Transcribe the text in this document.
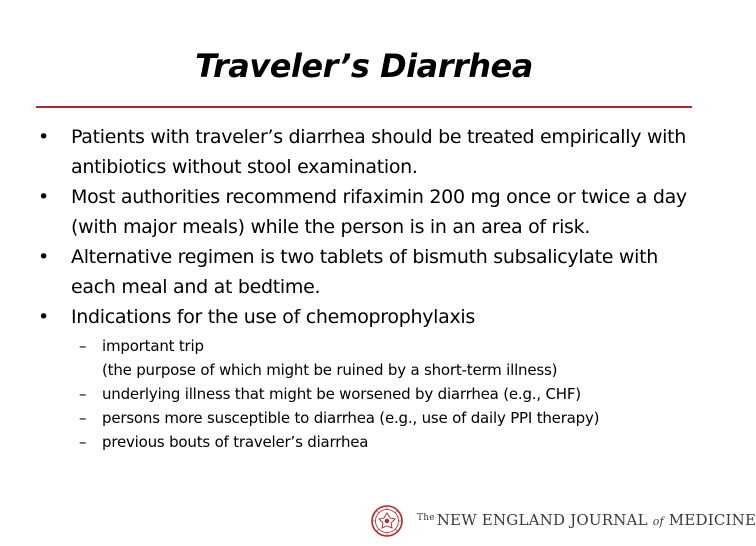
Traveler’s Diarrhea
• Patients with traveler’s diarrhea should be treated empirically with antibiotics without stool examination.
• Most authorities recommend rifaximin 200 mg once or twice a day (with major meals) while the person is in an area of risk.
• Alternative regimen is two tablets of bismuth subsalicylate with each meal and at bedtime.
• Indications for the use of chemoprophylaxis
– important trip
(the purpose of which might be ruined by a short-term illness)
– underlying illness that might be worsened by diarrhea (e.g., CHF)
– persons more susceptible to diarrhea (e.g., use of daily PPI therapy)
– previous bouts of traveler’s diarrhea
$^{The}$ NEW ENGLAND JOURNAL of MEDICINE
